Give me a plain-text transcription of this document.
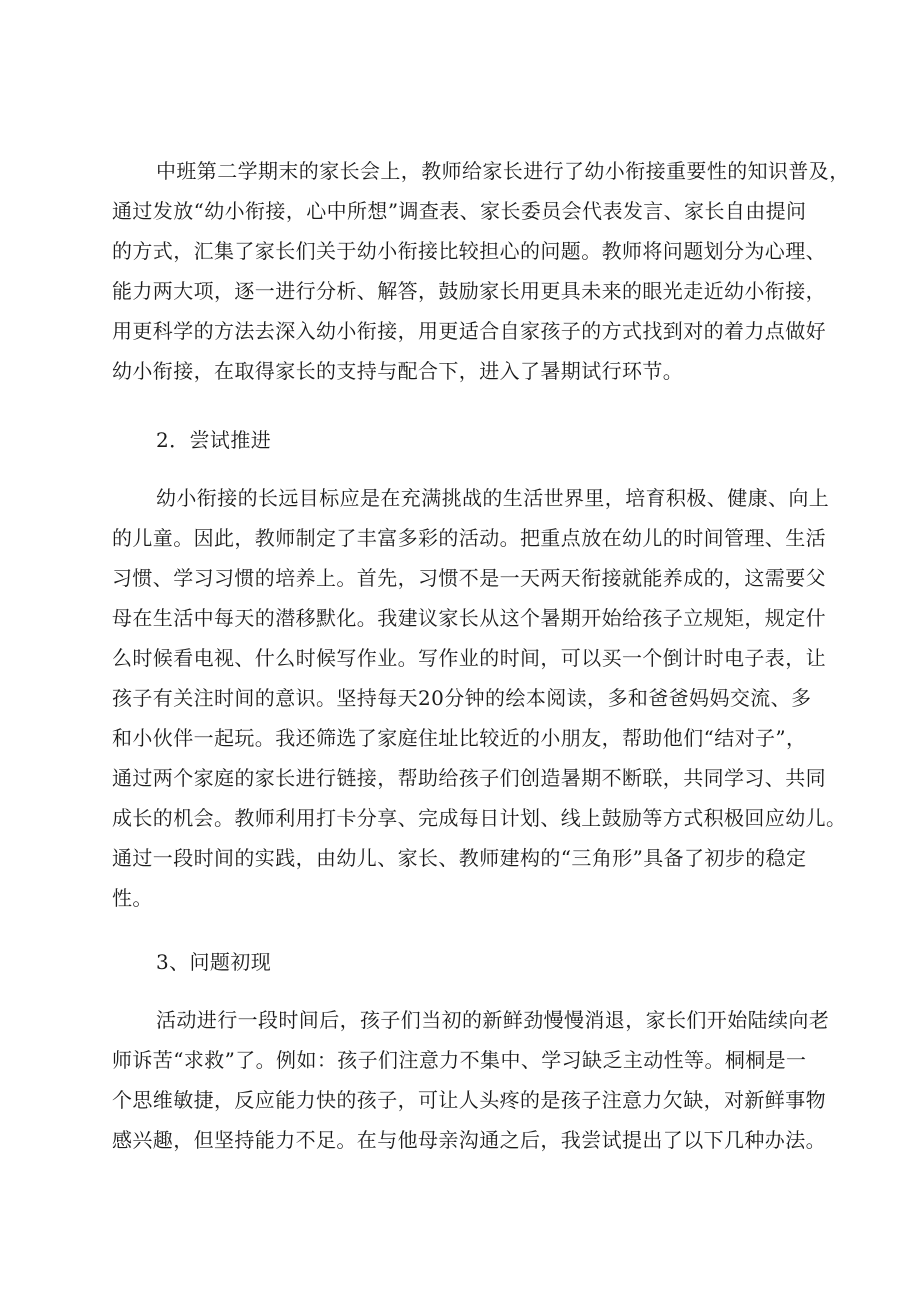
中班第二学期末的家长会上，教师给家长进行了幼小衔接重要性的知识普及，
通过发放“幼小衔接，心中所想”调查表、家长委员会代表发言、家长自由提问
的方式，汇集了家长们关于幼小衔接比较担心的问题。教师将问题划分为心理、
能力两大项，逐一进行分析、解答，鼓励家长用更具未来的眼光走近幼小衔接，
用更科学的方法去深入幼小衔接，用更适合自家孩子的方式找到对的着力点做好
幼小衔接，在取得家长的支持与配合下，进入了暑期试行环节。
2．尝试推进
幼小衔接的长远目标应是在充满挑战的生活世界里，培育积极、健康、向上
的儿童。因此，教师制定了丰富多彩的活动。把重点放在幼儿的时间管理、生活
习惯、学习习惯的培养上。首先，习惯不是一天两天衔接就能养成的，这需要父
母在生活中每天的潜移默化。我建议家长从这个暑期开始给孩子立规矩，规定什
么时候看电视、什么时候写作业。写作业的时间，可以买一个倒计时电子表，让
孩子有关注时间的意识。坚持每天20分钟的绘本阅读，多和爸爸妈妈交流、多
和小伙伴一起玩。我还筛选了家庭住址比较近的小朋友，帮助他们“结对子”，
通过两个家庭的家长进行链接，帮助给孩子们创造暑期不断联，共同学习、共同
成长的机会。教师利用打卡分享、完成每日计划、线上鼓励等方式积极回应幼儿。
通过一段时间的实践，由幼儿、家长、教师建构的“三角形”具备了初步的稳定
性。
3、问题初现
活动进行一段时间后，孩子们当初的新鲜劲慢慢消退，家长们开始陆续向老
师诉苦“求救”了。例如：孩子们注意力不集中、学习缺乏主动性等。桐桐是一
个思维敏捷，反应能力快的孩子，可让人头疼的是孩子注意力欠缺，对新鲜事物
感兴趣，但坚持能力不足。在与他母亲沟通之后，我尝试提出了以下几种办法。
